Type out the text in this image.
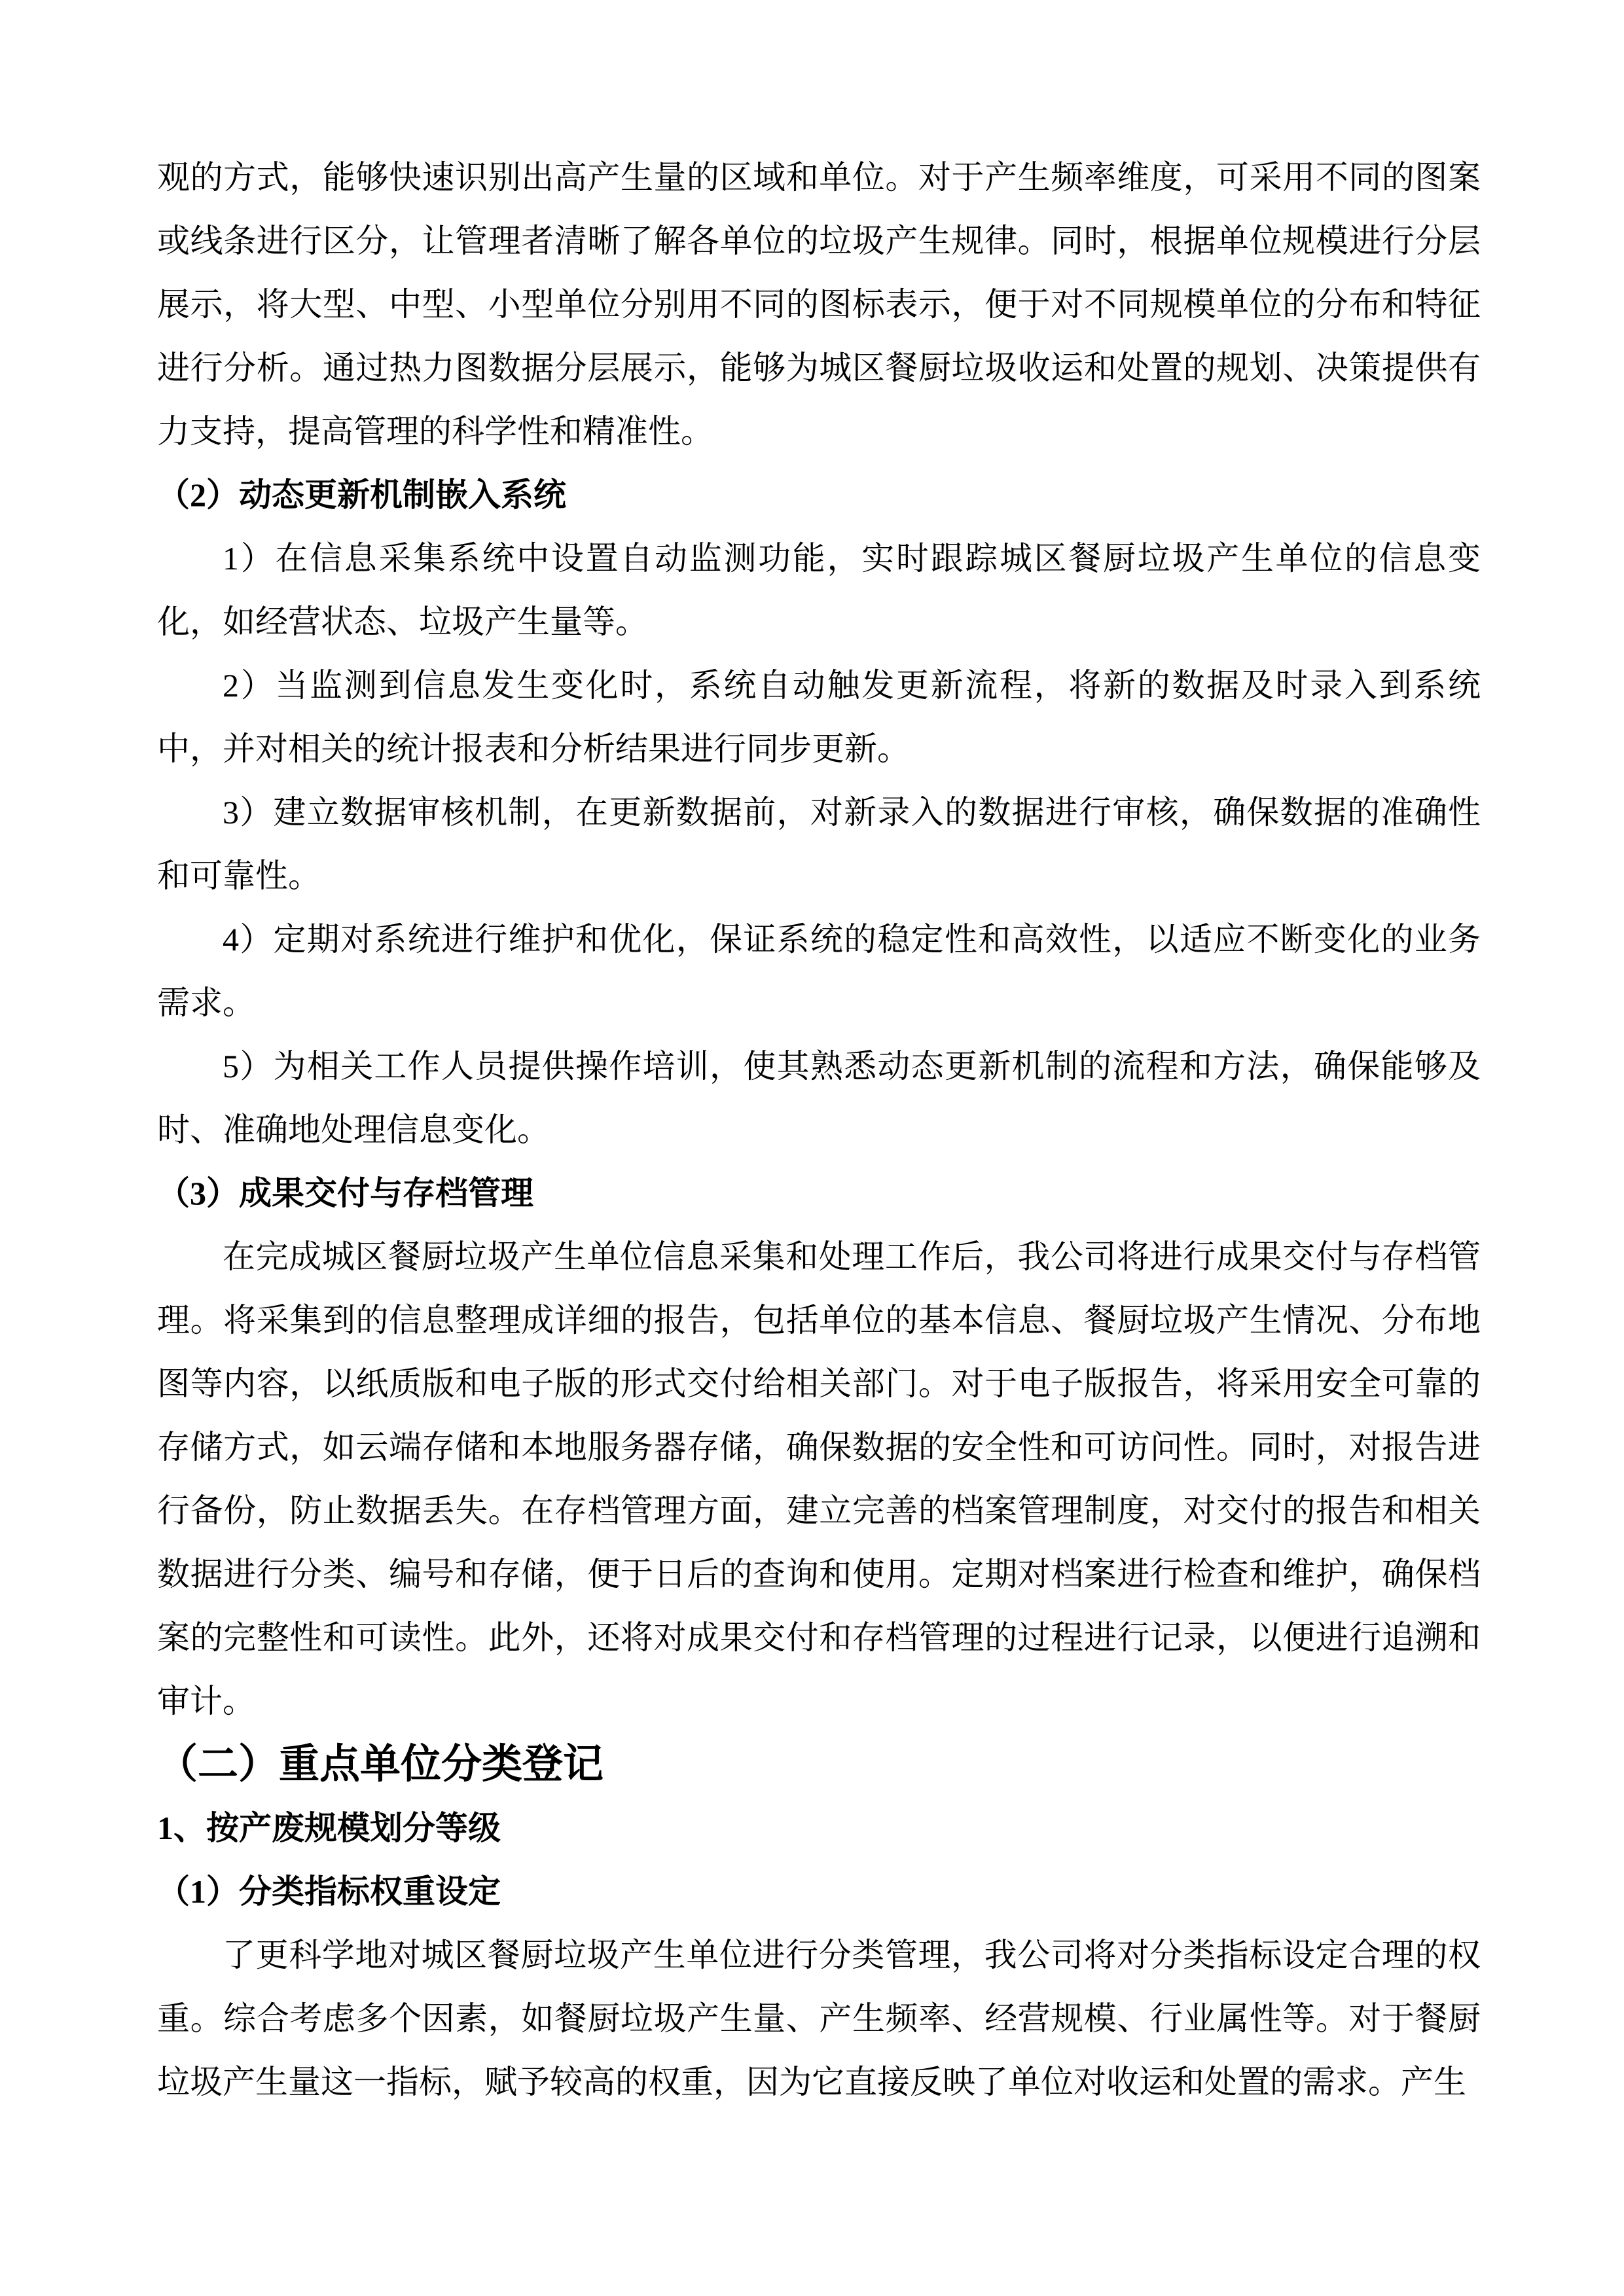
观的方式，能够快速识别出高产生量的区域和单位。对于产生频率维度，可采用不同的图案或线条进行区分，让管理者清晰了解各单位的垃圾产生规律。同时，根据单位规模进行分层展示，将大型、中型、小型单位分别用不同的图标表示，便于对不同规模单位的分布和特征进行分析。通过热力图数据分层展示，能够为城区餐厨垃圾收运和处置的规划、决策提供有力支持，提高管理的科学性和精准性。

（2）动态更新机制嵌入系统

1）在信息采集系统中设置自动监测功能，实时跟踪城区餐厨垃圾产生单位的信息变化，如经营状态、垃圾产生量等。

2）当监测到信息发生变化时，系统自动触发更新流程，将新的数据及时录入到系统中，并对相关的统计报表和分析结果进行同步更新。

3）建立数据审核机制，在更新数据前，对新录入的数据进行审核，确保数据的准确性和可靠性。

4）定期对系统进行维护和优化，保证系统的稳定性和高效性，以适应不断变化的业务需求。

5）为相关工作人员提供操作培训，使其熟悉动态更新机制的流程和方法，确保能够及时、准确地处理信息变化。

（3）成果交付与存档管理

在完成城区餐厨垃圾产生单位信息采集和处理工作后，我公司将进行成果交付与存档管理。将采集到的信息整理成详细的报告，包括单位的基本信息、餐厨垃圾产生情况、分布地图等内容，以纸质版和电子版的形式交付给相关部门。对于电子版报告，将采用安全可靠的存储方式，如云端存储和本地服务器存储，确保数据的安全性和可访问性。同时，对报告进行备份，防止数据丢失。在存档管理方面，建立完善的档案管理制度，对交付的报告和相关数据进行分类、编号和存储，便于日后的查询和使用。定期对档案进行检查和维护，确保档案的完整性和可读性。此外，还将对成果交付和存档管理的过程进行记录，以便进行追溯和审计。

（二）重点单位分类登记
1、按产废规模划分等级
（1）分类指标权重设定

了更科学地对城区餐厨垃圾产生单位进行分类管理，我公司将对分类指标设定合理的权重。综合考虑多个因素，如餐厨垃圾产生量、产生频率、经营规模、行业属性等。对于餐厨垃圾产生量这一指标，赋予较高的权重，因为它直接反映了单位对收运和处置的需求。产生
